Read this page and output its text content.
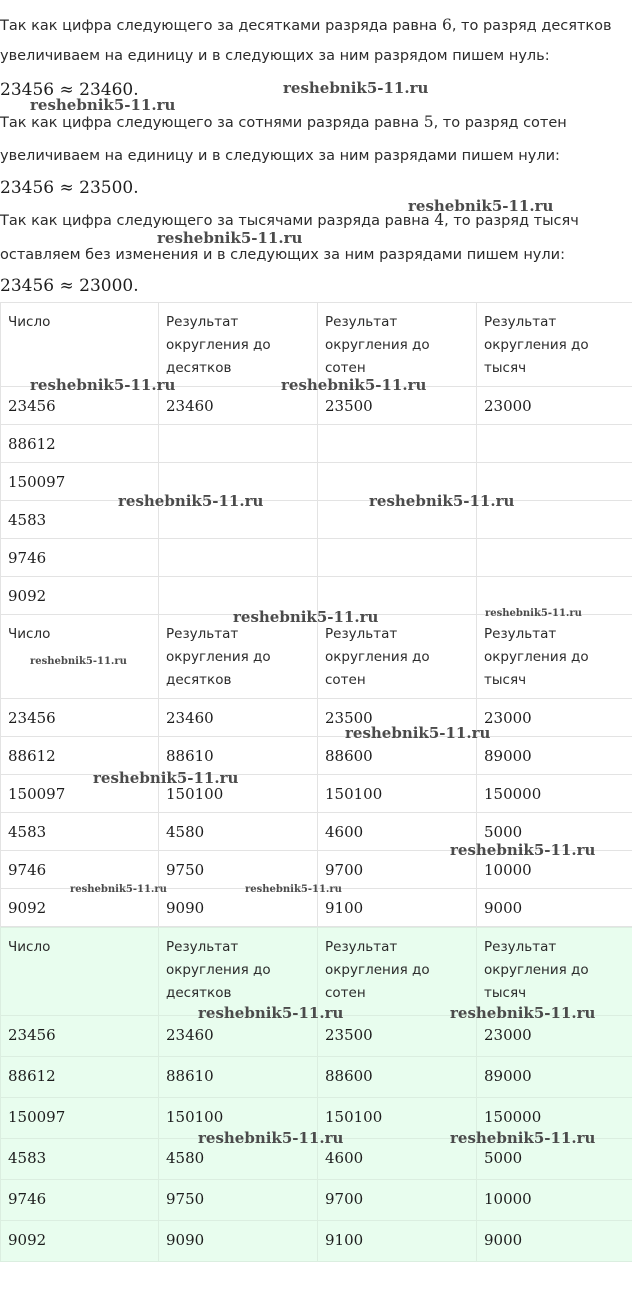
Так как цифра следующего за десятками разряда равна 6, то разряд десятков
увеличиваем на единицу и в следующих за ним разрядом пишем нуль:
23456 ≈ 23460.
Так как цифра следующего за сотнями разряда равна 5, то разряд сотен
увеличиваем на единицу и в следующих за ним разрядами пишем нули:
23456 ≈ 23500.
Так как цифра следующего за тысячами разряда равна 4, то разряд тысяч
оставляем без изменения и в следующих за ним разрядами пишем нули:
23456 ≈ 23000.
Число	Результат
округления до
десятков	Результат
округления до
сотен	Результат
округления до
тысяч
23456	23460	23500	23000
88612			
150097			
4583			
9746			
9092			
Число	Результат
округления до
десятков	Результат
округления до
сотен	Результат
округления до
тысяч
23456	23460	23500	23000
88612	88610	88600	89000
150097	150100	150100	150000
4583	4580	4600	5000
9746	9750	9700	10000
9092	9090	9100	9000
Число	Результат
округления до
десятков	Результат
округления до
сотен	Результат
округления до
тысяч
23456	23460	23500	23000
88612	88610	88600	89000
150097	150100	150100	150000
4583	4580	4600	5000
9746	9750	9700	10000
9092	9090	9100	9000
reshebnik5-11.ru
reshebnik5-11.ru
reshebnik5-11.ru
reshebnik5-11.ru
reshebnik5-11.ru	reshebnik5-11.ru
reshebnik5-11.ru	reshebnik5-11.ru
reshebnik5-11.ru	reshebnik5-11.ru
reshebnik5-11.ru
reshebnik5-11.ru
reshebnik5-11.ru
reshebnik5-11.ru
reshebnik5-11.ru	reshebnik5-11.ru
reshebnik5-11.ru	reshebnik5-11.ru
reshebnik5-11.ru	reshebnik5-11.ru
